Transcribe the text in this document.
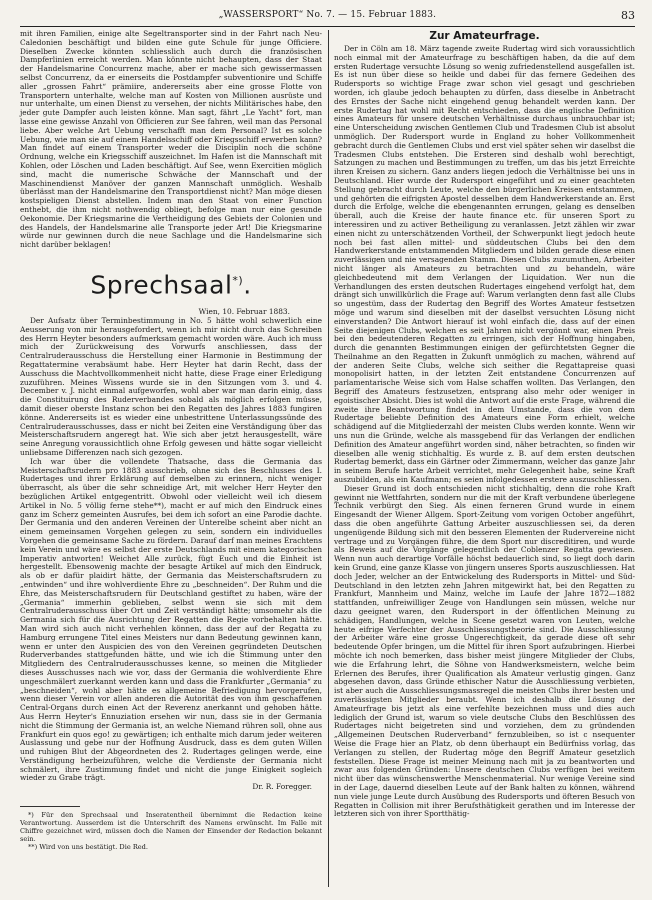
„WASSERSPORT“ No. 7. — 15. Februar 1883.	83

mit ihren Familien, einige alte Segeltransporter sind in der Fahrt nach Neu-Caledonien beschäftigt und bilden eine gute Schule für junge Officiere. Dieselben Zwecke könnten schliesslich auch durch die französischen Dampferlinien erreicht werden. Man könnte nicht behaupten, dass der Staat der Handelsmarine Concurrenz mache, aber er mache sich gewissermassen selbst Concurrenz, da er einerseits die Postdampfer subventionire und Schiffe aller „grossen Fahrt“ prämiire, andererseits aber eine grosse Flotte von Transportern unterhalte, welche man auf Kosten von Millionen ausrüste und nur unterhalte, um einen Dienst zu versehen, der nichts Militärisches habe, den jeder gute Dampfer auch leisten könne. Man sagt, fährt „Le Yacht“ fort, man lasse eine gewisse Anzahl von Officieren zur See fahren, weil man das Personal liebe. Aber welche Art Uebung verschafft man dem Personal? Ist es solche Uebung, wie man sie auf einem Handelsschiff oder Kriegsschiff erwerben kann? Man findet auf einem Transporter weder die Disciplin noch die schöne Ordnung, welche ein Kriegsschiff auszeichnet. Im Hafen ist die Mannschaft mit Kohlen, oder Löschen und Laden beschäftigt. Auf See, wenn Exercitien möglich sind, macht die numerische Schwäche der Mannschaft und der Maschinendienst Manöver der ganzen Mannschaft unmöglich. Weshalb überlässt man der Handelsmarine den Transportdienst nicht? Man möge diesen kostspieligen Dienst abstellen. Indem man den Staat von einer Function enthebt, die ihm nicht nothwendig obliegt, befolge man nur eine gesunde Oekonomie. Der Kriegsmarine die Vertheidigung des Gebiets der Colonien und des Handels, der Handelsmarine alle Transporte jeder Art! Die Kriegsmarine würde nur gewinnen durch die neue Sachlage und die Handelsmarine sich nicht darüber beklagen!

Sprechsaal*).

Wien, 10. Februar 1883.

Der Aufsatz über Terminbestimmung in No. 5 hätte wohl schwerlich eine Aeusserung von mir herausgefordert, wenn ich mir nicht durch das Schreiben des Herrn Heyter besonders aufmerksam gemacht worden wäre. Auch ich muss mich der Zurückweisung des Vorwurfs anschliessen, dass der Centralruderausschuss die Herstellung einer Harmonie in Bestimmung der Regattatermine verabsäumt habe. Herr Heyter hat darin Recht, dass der Ausschuss die Machtvollkommenheit nicht hatte, diese Frage einer Erledigung zuzuführen. Meines Wissens wurde sie in den Sitzungen vom 3. und 4. December v. J. nicht einmal aufgeworfen, wohl aber war man darin einig, dass die Constituirung des Ruderverbandes sobald als möglich erfolgen müsse, damit dieser oberste Instanz schon bei den Regatten des Jahres 1883 fungiren könne. Andererseits ist es wieder eine unbestrittene Unterlassungssünde des Centralruderausschusses, dass er nicht bei Zeiten eine Verständigung über das Meisterschaftsrudern angeregt hat. Wie sich aber jetzt herausgestellt, wäre seine Anregung voraussichtlich ohne Erfolg gewesen und hätte sogar vielleicht unliebsame Differenzen nach sich gezogen.

Ich war über die vollendete Thatsache, dass die Germania das Meisterschaftsrudern pro 1883 ausschrieb, ohne sich des Beschlusses des I. Rudertages und ihrer Erklärung auf demselben zu erinnern, nicht weniger überrascht, als über die sehr schneidige Art, mit welcher Herr Heyter den bezüglichen Artikel entgegentritt. Obwohl oder vielleicht weil ich diesem Artikel in No. 5 völlig ferne stehe**), macht er auf mich den Eindruck eines ganz im Scherz gemeinten Ausrufes, bei dem ich sofort an eine Parodie dachte. Der Germania und den anderen Vereinen der Unterelbe scheint aber nicht an einem gemeinsamen Vorgehen gelegen zu sein, sondern ein individuelles Vorgehen die gemeinsame Sache zu fördern. Darauf darf man meines Erachtens kein Verein und wäre es selbst der erste Deutschlands mit einem kategorischen Imperativ antworten! Weichet Alle zurück, fügt Euch und die Einheit ist hergestellt. Ebensowenig machte der besagte Artikel auf mich den Eindruck, als ob er dafür plaidirt hätte, der Germania das Meisterschaftsrudern zu „entwinden“ und ihre wohlverdiente Ehre zu „beschneiden“. Der Ruhm und die Ehre, das Meisterschaftsrudern für Deutschland gestiftet zu haben, wäre der „Germania“ immerhin geblieben, selbst wenn sie sich mit dem Centralruderausschuss über Ort und Zeit verständigt hätte; umsomehr als die Germania sich für die Ausrichtung der Regatten die Regie vorbehalten hätte. Man wird sich auch nicht verhehlen können, dass der auf der Regatta zu Hamburg errungene Titel eines Meisters nur dann Bedeutung gewinnen kann, wenn er unter den Auspicien des von den Vereinen gegründeten Deutschen Ruderverbandes stattgefunden hätte, und wie ich die Stimmung unter den Mitgliedern des Centralruderausschusses kenne, so meinen die Mitglieder dieses Ausschusses nach wie vor, dass der Germania die wohlverdiente Ehre ungeschmälert zuerkannt werden kann und dass die Frankfurter „Germania“ zu „beschneiden“, wohl aber hätte es allgemeine Befriedigung hervorgerufen, wenn dieser Verein vor allen anderen die Autorität des von ihm geschaffenen Central-Organs durch einen Act der Reverenz anerkannt und gehoben hätte. Aus Herrn Heyter's Ennuziation ersehen wir nun, dass sie in der Germania nicht die Stimmung der Germania ist, an welche Niemand rühren soll, ohne aus Frankfurt ein quos ego! zu gewärtigen; ich enthalte mich darum jeder weiteren Auslassung und gebe nur der Hoffnung Ausdruck, dass es dem guten Willen und ruhigen Blut der Abgeordneten des 2. Rudertages gelingen werde, eine Verständigung herbeizuführen, welche die Verdienste der Germania nicht schmälert, ihre Zustimmung findet und nicht die junge Einigkeit sogleich wieder zu Grabe trägt.

Dr. R. Foregger.

*) Für den Sprechsaal und Inseratentheil übernimmt die Redaction keine Verantwortung. Ausserdem ist die Unterschrift des Namens erwünscht. Im Falle mit Chiffre gezeichnet wird, müssen doch die Namen der Einsender der Redaction bekannt sein.

**) Wird von uns bestätigt. Die Red.

Zur Amateurfrage.

Der in Cöln am 18. März tagende zweite Rudertag wird sich voraussichtlich noch einmal mit der Amateurfrage zu beschäftigen haben, da die auf dem ersten Rudertage versuchte Lösung so wenig zufriedenstellend ausgefallen ist. Es ist nun über diese so heikle und dabei für das fernere Gedeihen des Rudersports so wichtige Frage zwar schon viel gesagt und geschrieben worden, ich glaube jedoch behaupten zu dürfen, dass dieselbe in Anbetracht des Ernstes der Sache nicht eingehend genug behandelt werden kann. Der erste Rudertag hat wohl mit Recht entschieden, dass die englische Definition eines Amateurs für unsere deutschen Verhältnisse durchaus unbrauchbar ist; eine Unterscheidung zwischen Gentlemen Club und Tradesmen Club ist absolut unmöglich. Der Rudersport wurde in England zu hoher Vollkommenheit gebracht durch die Gentlemen Clubs und erst viel später sehen wir daselbst die Tradesmen Clubs entstehen. Die Ersteren sind deshalb wohl berechtigt, Satzungen zu machen und Bestimmungen zu treffen, um das bis jetzt Erreichte ihren Kreisen zu sichern. Ganz anders liegen jedoch die Verhältnisse bei uns in Deutschland. Hier wurde der Rudersport eingeführt und zu einer geachteten Stellung gebracht durch Leute, welche den bürgerlichen Kreisen entstammen, und gehörten die eifrigsten Apostel desselben dem Handwerkerstande an. Erst durch die Erfolge, welche die ebengenannten errungen, gelang es denselben überall, auch die Kreise der haute finance etc. für unseren Sport zu interessiren und zu activer Betheiligung zu veranlassen. Jetzt zählen wir zwar einen nicht zu unterschätzenden Vortheil, der Schwerpunkt liegt jedoch heute noch bei fast allen mittel- und süddeutschen Clubs bei den dem Handwerkerstande entstammenden Mitgliedern und bilden gerade diese einen zuverlässigen und nie versagenden Stamm. Diesen Clubs zuzumuthen, Arbeiter nicht länger als Amateurs zu betrachten und zu behandeln, wäre gleichbedeutend mit dem Verlangen der Liquidation. Wer nun die Verhandlungen des ersten deutschen Rudertages eingehend verfolgt hat, dem drängt sich unwillkürlich die Frage auf: Warum verlangten denn fast alle Clubs so ungestüm, dass der Rudertag den Begriff des Wortes Amateur festsetzen möge und warum sind dieselben mit der daselbst versuchten Lösung nicht einverstanden? Die Antwort hierauf ist wohl einfach die, dass auf der einen Seite diejenigen Clubs, welchen es seit Jahren nicht vergönnt war, einen Preis bei den bedeutenderen Regatten zu erringen, sich der Hoffnung hingaben, durch die genannten Bestimmungen einigen der gefürchtetsten Gegner die Theilnahme an den Regatten in Zukunft unmöglich zu machen, während auf der anderen Seite Clubs, welche sich seither die Regattapreise quasi monopolisirt hatten, in der letzten Zeit entstandene Concurrenzen auf parlamentarische Weise sich vom Halse schaffen wollten. Das Verlangen, den Begriff des Amateurs festzusetzen, entsprang also mehr oder weniger in egoistischer Absicht. Dies ist wohl die Antwort auf die erste Frage, während die zweite ihre Beantwortung findet in dem Umstande, dass die von dem Rudertage beliebte Definition des Amateurs eine Form erhielt, welche schädigend auf die Mitgliederzahl der meisten Clubs werden konnte. Wenn wir uns nun die Gründe, welche als massgebend für das Verlangen der endlichen Definition des Amateur angeführt worden sind, näher betrachten, so finden wir dieselben alle wenig stichhaltig. Es wurde z. B. auf dem ersten deutschen Rudertag bemerkt, dass ein Gärtner oder Zimmermann, welcher das ganze Jahr in seinem Berufe harte Arbeit verrichtet, mehr Gelegenheit habe, seine Kraft auszubilden, als ein Kaufmann; es seien infolgedessen erstere auszuschliessen.

Dieser Grund ist doch entschieden nicht stichhaltig, denn die rohe Kraft gewinnt nie Wettfahrten, sondern nur die mit der Kraft verbundene überlegene Technik verbürgt den Sieg. Als einen ferneren Grund wurde in einem Eingesandt der Wiener Allgem. Sport-Zeitung vom vorigen October angeführt, dass die oben angeführte Gattung Arbeiter auszuschliessen sei, da deren ungenügende Bildung sich mit den besseren Elementen der Rudervereine nicht vertrage und zu Vorgängen führe, die dem Sport nur discreditiren, und wurde als Beweis auf die Vorgänge gelegentlich der Coblenzer Regatta gewiesen. Wenn nun auch derartige Vorfälle höchst bedauerlich sind, so liegt doch darin kein Grund, eine ganze Klasse von jüngern unseres Sports auszuschliessen. Hat doch Jeder, welcher an der Entwickelung des Rudersports in Mittel- und Süd-Deutschland in den letzten zehn Jahren mitgewirkt hat, bei den Regatten zu Frankfurt, Mannheim und Mainz, welche im Laufe der Jahre 1872—1882 stattfanden, unfreiwilliger Zeuge von Handlungen sein müssen, welche nur dazu geeignet waren, den Rudersport in der öffentlichen Meinung zu schädigen, Handlungen, welche in Scene gesetzt waren von Leuten, welche heute eifrige Verfechter der Ausschliessungstheorie sind. Die Ausschliessung der Arbeiter wäre eine grosse Ungerechtigkeit, da gerade diese oft sehr bedeutende Opfer bringen, um die Mittel für ihren Sport aufzubringen. Hierbei möchte ich noch bemerken, dass bisher meist jüngere Mitglieder der Clubs, wie die Erfahrung lehrt, die Söhne von Handwerksmeistern, welche beim Erlernen des Berufes, ihrer Qualification als Amateur verlustig gingen. Ganz abgesehen davon, dass Gründe ethischer Natur die Ausschliessung verbieten, ist aber auch die Ausschliessungsmassregel die meisten Clubs ihrer besten und zuverlässigsten Mitglieder beraubt. Wenn ich deshalb die Lösung der Amateurfrage bis jetzt als eine verfehlte bezeichnen muss und dies auch lediglich der Grund ist, warum so viele deutsche Clubs den Beschlüssen des Rudertages nicht beigetreten sind und vorziehen, dem zu gründenden „Allgemeinen Deutschen Ruderverband“ fernzubleiben, so ist c nsequenter Weise die Frage hier an Platz, ob denn überhaupt ein Bedürfniss vorlag, das Verlangen zu stellen, der Rudertag möge den Begriff Amateur gesetzlich feststellen. Diese Frage ist meiner Meinung nach mit ja zu beantworten und zwar aus folgenden Gründen: Unsere deutschen Clubs verfügen bei weitem nicht über das wünschenswerthe Menschenmaterial. Nur wenige Vereine sind in der Lage, dauernd dieselben Leute auf der Bank halten zu können, während nun viele junge Leute durch Ausübung des Rudersports und öfteren Besuch von Regatten in Collision mit ihrer Berufsthätigkeit gerathen und im Interesse der letzteren sich von ihrer Sportthätig-
